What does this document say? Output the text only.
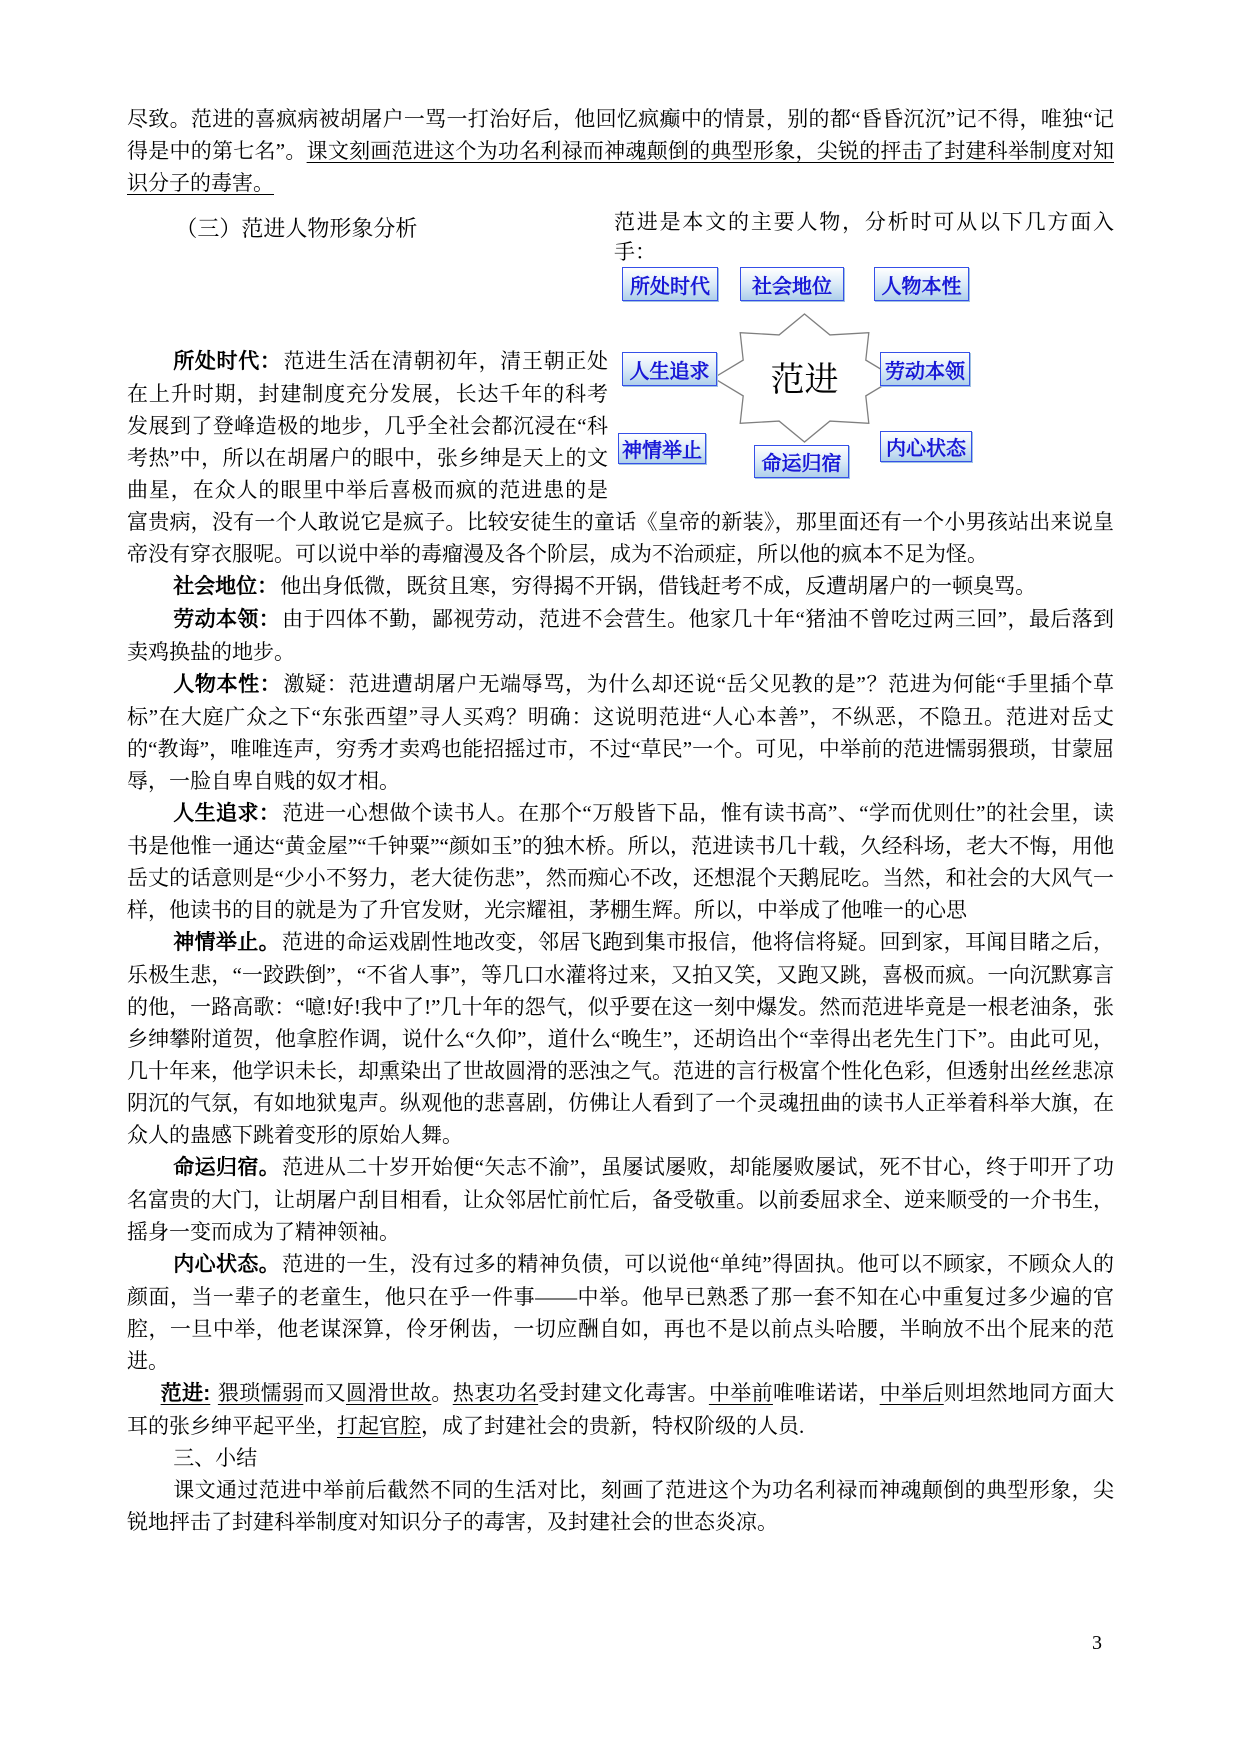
尽致。范进的喜疯病被胡屠户一骂一打治好后，他回忆疯癫中的情景，别的都“昏昏沉沉”记不得，唯独“记得是中的第七名”。课文刻画范进这个为功名利禄而神魂颠倒的典型形象，尖锐的抨击了封建科举制度对知识分子的毒害。

范进是本文的主要人物，分析时可从以下几方面入手：

范进
所处时代	社会地位	人物本性
人生追求	劳动本领
神情举止
命运归宿
内心状态

（三）范进人物形象分析

所处时代：范进生活在清朝初年，清王朝正处在上升时期，封建制度充分发展，长达千年的科考发展到了登峰造极的地步，几乎全社会都沉浸在“科考热”中，所以在胡屠户的眼中，张乡绅是天上的文曲星，在众人的眼里中举后喜极而疯的范进患的是富贵病，没有一个人敢说它是疯子。比较安徒生的童话《皇帝的新装》，那里面还有一个小男孩站出来说皇帝没有穿衣服呢。可以说中举的毒瘤漫及各个阶层，成为不治顽症，所以他的疯本不足为怪。

社会地位：他出身低微，既贫且寒，穷得揭不开锅，借钱赶考不成，反遭胡屠户的一顿臭骂。

劳动本领：由于四体不勤，鄙视劳动，范进不会营生。他家几十年“猪油不曾吃过两三回”，最后落到卖鸡换盐的地步。

人物本性：激疑：范进遭胡屠户无端辱骂，为什么却还说“岳父见教的是”？范进为何能“手里插个草标”在大庭广众之下“东张西望”寻人买鸡？明确：这说明范进“人心本善”，不纵恶，不隐丑。范进对岳丈的“教诲”，唯唯连声，穷秀才卖鸡也能招摇过市，不过“草民”一个。可见，中举前的范进懦弱猥琐，甘蒙屈辱，一脸自卑自贱的奴才相。

人生追求：范进一心想做个读书人。在那个“万般皆下品，惟有读书高”、“学而优则仕”的社会里，读书是他惟一通达“黄金屋”“千钟粟”“颜如玉”的独木桥。所以，范进读书几十载，久经科场，老大不悔，用他岳丈的话意则是“少小不努力，老大徒伤悲”，然而痴心不改，还想混个天鹅屁吃。当然，和社会的大风气一样，他读书的目的就是为了升官发财，光宗耀祖，茅棚生辉。所以，中举成了他唯一的心思

神情举止。范进的命运戏剧性地改变，邻居飞跑到集市报信，他将信将疑。回到家，耳闻目睹之后，乐极生悲，“一跤跌倒”，“不省人事”，等几口水灌将过来，又拍又笑，又跑又跳，喜极而疯。一向沉默寡言的他，一路高歌：“噫!好!我中了!”几十年的怨气，似乎要在这一刻中爆发。然而范进毕竟是一根老油条，张乡绅攀附道贺，他拿腔作调，说什么“久仰”，道什么“晚生”，还胡诌出个“幸得出老先生门下”。由此可见，几十年来，他学识未长，却熏染出了世故圆滑的恶浊之气。范进的言行极富个性化色彩，但透射出丝丝悲凉阴沉的气氛，有如地狱鬼声。纵观他的悲喜剧，仿佛让人看到了一个灵魂扭曲的读书人正举着科举大旗，在众人的蛊感下跳着变形的原始人舞。

命运归宿。范进从二十岁开始便“矢志不渝”，虽屡试屡败，却能屡败屡试，死不甘心，终于叩开了功名富贵的大门，让胡屠户刮目相看，让众邻居忙前忙后，备受敬重。以前委屈求全、逆来顺受的一介书生，摇身一变而成为了精神领袖。

内心状态。范进的一生，没有过多的精神负债，可以说他“单纯”得固执。他可以不顾家，不顾众人的颜面，当一辈子的老童生，他只在乎一件事——中举。他早已熟悉了那一套不知在心中重复过多少遍的官腔，一旦中举，他老谋深算，伶牙俐齿，一切应酬自如，再也不是以前点头哈腰，半晌放不出个屁来的范进。

范进: 猥琐懦弱而又圆滑世故。热衷功名受封建文化毒害。中举前唯唯诺诺，中举后则坦然地同方面大耳的张乡绅平起平坐，打起官腔，成了封建社会的贵新，特权阶级的人员.

三、小结

课文通过范进中举前后截然不同的生活对比，刻画了范进这个为功名利禄而神魂颠倒的典型形象，尖锐地抨击了封建科举制度对知识分子的毒害，及封建社会的世态炎凉。

3
